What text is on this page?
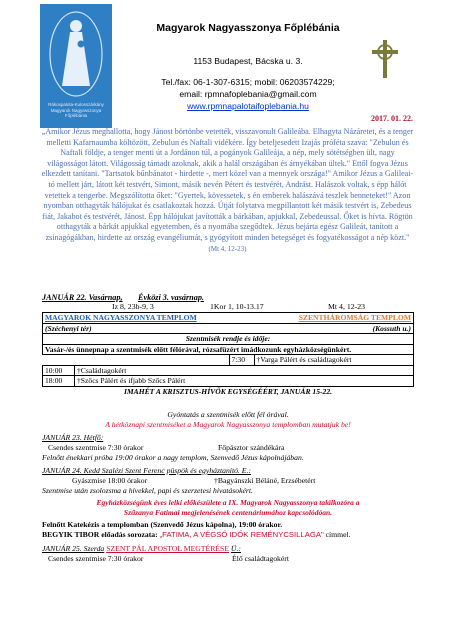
Rákospalota-Kulosszárkány Magyarok Nagyasszonya Főplébánia
Magyarok Nagyasszonya Főplébánia
1153 Budapest, Bácska u. 3.
Tel./fax: 06-1-307-6315; mobil: 06203574229;
email: rpmnafoplebania@gmail.com
www.rpmnapalotaifoplebania.hu
2017. 01. 22.
„Amikor Jézus meghallotta, hogy Jánost börtönbe vetették, visszavonult Galileába. Elhagyta Názáretet, és a tenger melletti Kafarnaumba költözött, Zebulun és Naftali vidékére. Így beteljesedett Izajás próféta szava: "Zebulun és Naftali földje, a tenger menti út a Jordánon túl, a pogányok Galileája, a nép, mely sötétségben ült, nagy világosságot látott. Világosság támadt azoknak, akik a halál országában és árnyékában ültek." Ettől fogva Jézus elkezdett tanítani. "Tartsatok bűnbánatot - hirdette -, mert közel van a mennyek országa!" Amikor Jézus a Galileai-tó mellett járt, látott két testvért, Simont, másik nevén Pétert és testvérét, Andrást. Halászok voltak, s épp hálót vetettek a tengerbe. Megszólította őket: "Gyertek, kövessetek, s én emberek halászává teszlek benneteket!" Azon nyomban otthagyták hálójukat és csatlakoztak hozzá. Útját folytatva megpillantott két másik testvért is, Zebedeus fiát, Jakabot és testvérét, Jánost. Épp hálójukat javították a bárkában, apjukkal, Zebedeussal. Őket is hívta. Rögtön otthagyták a bárkát apjukkal egyetemben, és a nyomába szegődtek. Jézus bejárta egész Galileát, tanított a zsinagógákban, hirdette az ország evangéliumát, s gyógyított minden betegséget és fogyatékosságot a nép közt." (Mt 4, 12-23)
JANUÁR 22. Vasárnap, Évközi 3. vasárnap.
Iz 8, 23b-9, 3	1Kor 1, 10-13.17	Mt 4, 12-23
MAGYAROK NAGYASSZONYA TEMPLOM			SZENTHÁROMSÁG TEMPLOM
(Széchenyi tér)			(Kossuth u.)
Szentmisék rendje és idője:			
Vasár-/és ünnepnap a szentmisék előtt félórával, rózsafüzért imádkozunk egyházközségünkért.			
		7:30	†Varga Pálért és családtagokért
10:00	†Családtagokért		
18:00	†Szőcs Pálért és ifjabb Szőcs Pálért		
IMAHÉT A KRISZTUS-HÍVŐK EGYSÉGÉÉRT, JANUÁR 15-22.			
Gyóntatás a szentmisék előtt fél órával.
A hétköznapi szentmiséket a Magyarok Nagyasszonya templomban mutatjuk be!
JANUÁR 23. Hétfő:
Csendes szentmise 7:30 órakor	Főpásztor szándékára
Felnőtt énekkari próba 19:00 órakor a nagy templom, Szenvedő Jézus kápolnájában.
JANUÁR 24. Kedd Szalézi Szent Ferenc püspök és egyháztanító. E.:
Gyászmise 18:00 órakor	†Bagyánszki Béláné, Erzsébetért
Szentmise után zsolozsma a hívekkel, papi és szerzetesi hivatásokért.
Egyházközségünk éves lelki előkészülete a IX. Magyarok Nagyasszonya találkozóra a
Szűzanya Fatimai megjelenésének centenáriumához kapcsolódóan.
Felnőtt Katekézis a templomban (Szenvedő Jézus kápolna), 19:00 órakor.
BEGYIK TIBOR előadás sorozata: „FATIMA, A VÉGSŐ IDŐK REMÉNYCSILLAGA" címmel.
JANUÁR 25. Szerda SZENT PÁL APOSTOL MEGTÉRÉSE Ü.:
Csendes szentmise 7:30 órakor	Élő családtagokért
